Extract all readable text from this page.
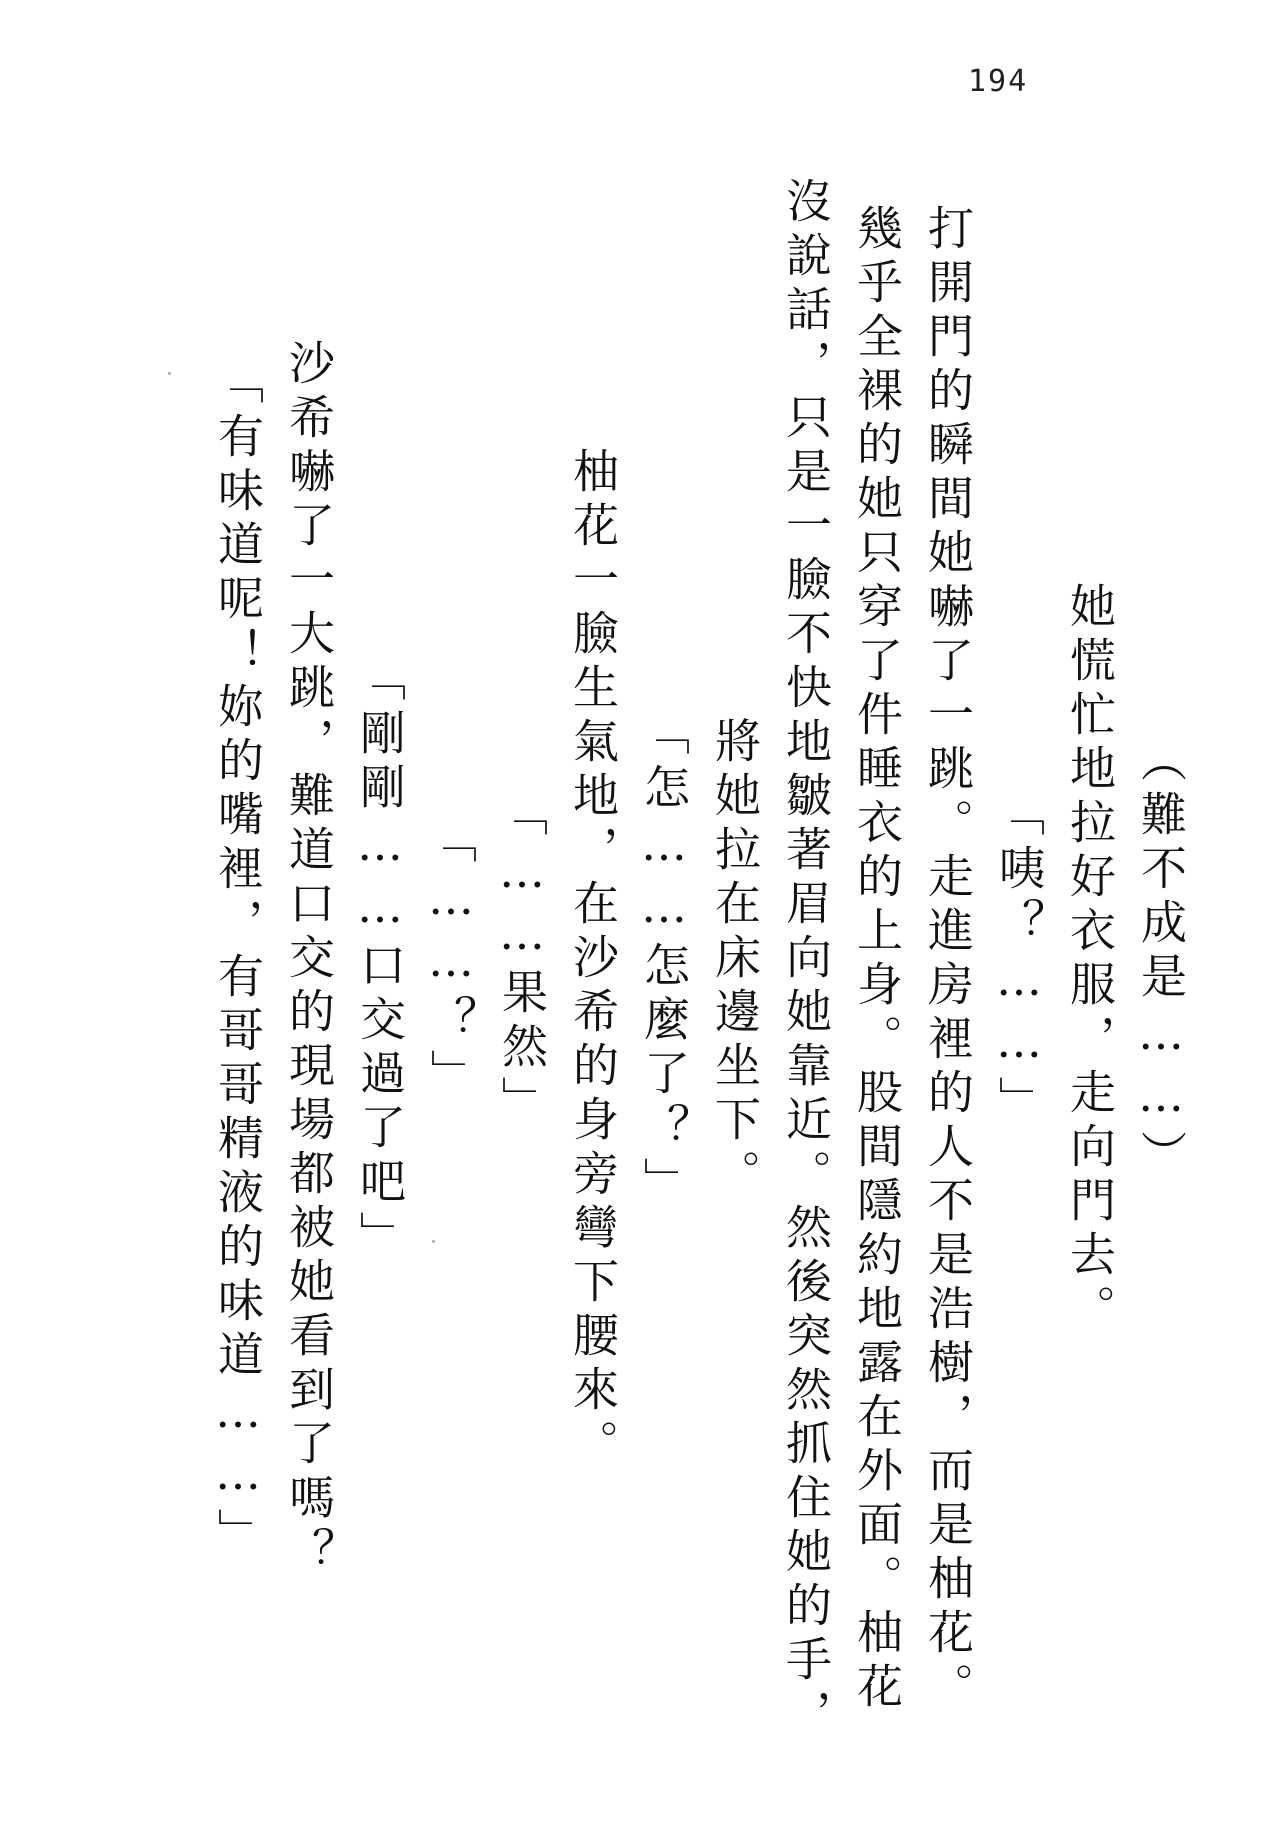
194
（難不成是……）
她慌忙地拉好衣服，走向門去。
「咦？……」
打開門的瞬間她嚇了一跳。走進房裡的人不是浩樹，而是柚花。
幾乎全裸的她只穿了件睡衣的上身。股間隱約地露在外面。柚花
沒說話，只是一臉不快地皺著眉向她靠近。然後突然抓住她的手，
將她拉在床邊坐下。
「怎……怎麼了？」
柚花一臉生氣地，在沙希的身旁彎下腰來。
「……果然」
「……？」
「剛剛……口交過了吧」
沙希嚇了一大跳，難道口交的現場都被她看到了嗎？
「有味道呢！妳的嘴裡，有哥哥精液的味道……」
